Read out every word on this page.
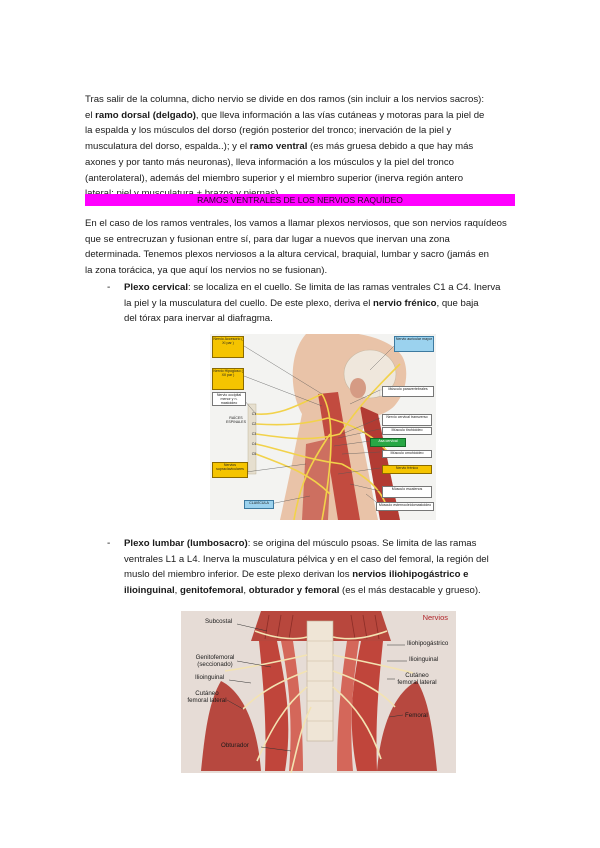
Tras salir de la columna, dicho nervio se divide en dos ramos (sin incluir a los nervios sacros):
el ramo dorsal (delgado), que lleva información a las vías cutáneas y motoras para la piel de
la espalda y los músculos del dorso (región posterior del tronco; inervación de la piel y
musculatura del dorso, espalda..); y el ramo ventral (es más gruesa debido a que hay más
axones y por tanto más neuronas), lleva información a los músculos y la piel del tronco
(anterolateral), además del miembro superior y el miembro superior (inerva región antero
RAMOS VENTRALES DE LOS NERVIOS RAQUÍDEO
En el caso de los ramos ventrales, los vamos a llamar plexos nerviosos, que son nervios raquídeos
que se entrecruzan y fusionan entre sí, para dar lugar a nuevos que inervan una zona
determinada. Tenemos plexos nerviosos a la altura cervical, braquial, lumbar y sacro (jamás en
la zona torácica, ya que aquí los nervios no se fusionan).
- Plexo cervical: se localiza en el cuello. Se limita de las ramas ventrales C1 a C4. Inerva
la piel y la musculatura del cuello. De este plexo, deriva el nervio frénico, que baja
del tórax para inervar al diafragma.
Nervio Accesorio ( XI par )
Nervio Hipogloso ( XII par )
Nervio occipital menor y n. mastoideo
RAÍCES ESPINALES
C1
C2
C3
C4
C5
Nervio auricular mayor
Músculo paravertebrales
Nervio cervical transverso
Músculo tirohioideo
Asa cervical
Músculo omohioideo
Nervio frénico
Músculo escalenos
Músculo esternocleidomastoideo
Nervios supraclaviculares
CLAVÍCULA
- Plexo lumbar (lumbosacro): se origina del músculo psoas. Se limita de las ramas
ventrales L1 a L4. Inerva la musculatura pélvica y en el caso del femoral, la región del
muslo del miembro inferior. De este plexo derivan los nervios iliohipogástrico e
ilioinguinal, genitofemoral, obturador y femoral (es el más destacable y grueso).
Nervios
Subcostal
Genitofemoral (seccionado)
Ilioinguinal
Cutáneo femoral lateral
Obturador
Iliohipogástrico
Ilioinguinal
Cutáneo femoral lateral
Femoral
